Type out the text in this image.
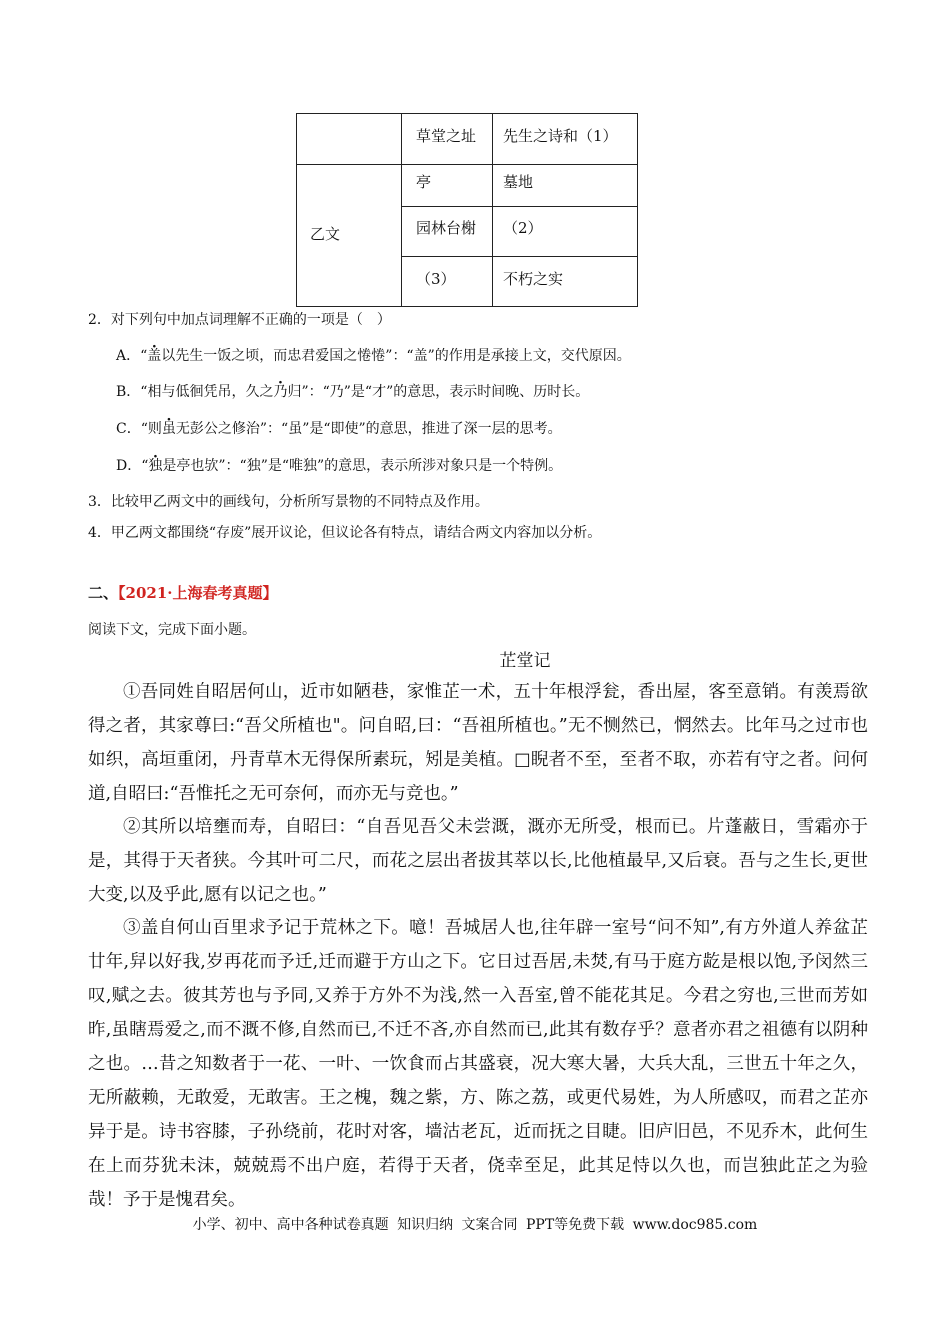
草堂之址 先生之诗和（1）
乙文
亭	墓地
园林台榭 （2）
（3）	不朽之实
2．对下列句中加点词理解不正确的一项是（　）
A．“盖以先生一饭之顷，而忠君爱国之惓惓”：“盖”的作用是承接上文，交代原因。
B．“相与低徊凭吊，久之乃归”：“乃”是“才”的意思，表示时间晚、历时长。
C．“则虽无彭公之修治”：“虽”是“即使”的意思，推进了深一层的思考。
D．“独是亭也欤”：“独”是“唯独”的意思，表示所涉对象只是一个特例。
3．比较甲乙两文中的画线句，分析所写景物的不同特点及作用。
4．甲乙两文都围绕“存废”展开议论，但议论各有特点，请结合两文内容加以分析。
二、【2021·上海春考真题】
阅读下文，完成下面小题。
芷堂记
①吾同姓自昭居何山，近市如陋巷，家惟芷一术，五十年根浮瓮，香出屋，客至意销。有羡焉欲得之者，其家尊曰:“吾父所植也"。问自昭,曰：“吾祖所植也。”无不恻然已，惘然去。比年马之过市也如织，高垣重闭，丹青草木无得保所素玩，矧是美植。□睨者不至，至者不取，亦若有守之者。问何道,自昭曰:“吾惟托之无可奈何，而亦无与竞也。”
②其所以培壅而寿，自昭曰：“自吾见吾父未尝溉，溉亦无所受，根而已。片蓬蔽日，雪霜亦于是，其得于天者狭。今其叶可二尺，而花之层出者拔其萃以长,比他植最早,又后衰。吾与之生长,更世大变,以及乎此,愿有以记之也。”
③盖自何山百里求予记于荒林之下。噫！吾城居人也,往年辟一室号“问不知”,有方外道人养盆芷廿年,舁以好我,岁再花而予迁,迁而避于方山之下。它日过吾居,未焚,有马于庭方龁是根以饱,予闵然三叹,赋之去。彼其芳也与予同,又养于方外不为浅,然一入吾室,曾不能花其足。今君之穷也,三世而芳如昨,虽瞎焉爱之,而不溉不修,自然而已,不迁不吝,亦自然而已,此其有数存乎？意者亦君之祖德有以阴种之也。…昔之知数者于一花、一叶、一饮食而占其盛衰，况大寒大暑，大兵大乱，三世五十年之久，无所蔽赖，无敢爱，无敢害。王之槐，魏之紫，方、陈之荔，或更代易姓，为人所感叹，而君之芷亦异于是。诗书容膝，子孙绕前，花时对客，墙沽老瓦，近而抚之目睫。旧庐旧邑，不见乔木，此何生在上而芬犹未沫，兢兢焉不出户庭，若得于天者，侥幸至足，此其足恃以久也，而岂独此芷之为验哉！予于是愧君矣。
小学、初中、高中各种试卷真题 知识归纳 文案合同 PPT等免费下载 www.doc985.com
